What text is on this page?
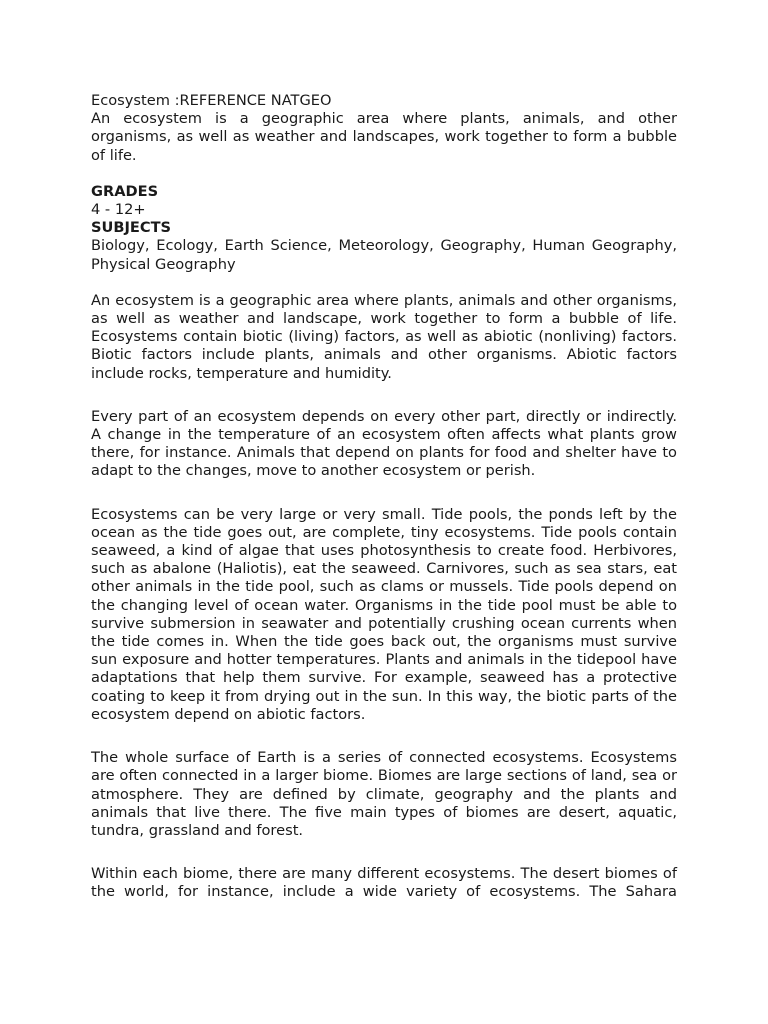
Ecosystem :REFERENCE NATGEO

An ecosystem is a geographic area where plants, animals, and other organisms, as well as weather and landscapes, work together to form a bubble of life.

GRADES

4 - 12+

SUBJECTS

Biology, Ecology, Earth Science, Meteorology, Geography, Human Geography, Physical Geography

An ecosystem is a geographic area where plants, animals and other organisms, as well as weather and landscape, work together to form a bubble of life. Ecosystems contain biotic (living) factors, as well as abiotic (nonliving) factors. Biotic factors include plants, animals and other organisms. Abiotic factors include rocks, temperature and humidity.

Every part of an ecosystem depends on every other part, directly or indirectly. A change in the temperature of an ecosystem often affects what plants grow there, for instance. Animals that depend on plants for food and shelter have to adapt to the changes, move to another ecosystem or perish.

Ecosystems can be very large or very small. Tide pools, the ponds left by the ocean as the tide goes out, are complete, tiny ecosystems. Tide pools contain seaweed, a kind of algae that uses photosynthesis to create food. Herbivores, such as abalone (Haliotis), eat the seaweed. Carnivores, such as sea stars, eat other animals in the tide pool, such as clams or mussels. Tide pools depend on the changing level of ocean water. Organisms in the tide pool must be able to survive submersion in seawater and potentially crushing ocean currents when the tide comes in. When the tide goes back out, the organisms must survive sun exposure and hotter temperatures. Plants and animals in the tidepool have adaptations that help them survive. For example, seaweed has a protective coating to keep it from drying out in the sun. In this way, the biotic parts of the ecosystem depend on abiotic factors.

The whole surface of Earth is a series of connected ecosystems. Ecosystems are often connected in a larger biome. Biomes are large sections of land, sea or atmosphere. They are defined by climate, geography and the plants and animals that live there. The five main types of biomes are desert, aquatic, tundra, grassland and forest.

Within each biome, there are many different ecosystems. The desert biomes of the world, for instance, include a wide variety of ecosystems. The Sahara
